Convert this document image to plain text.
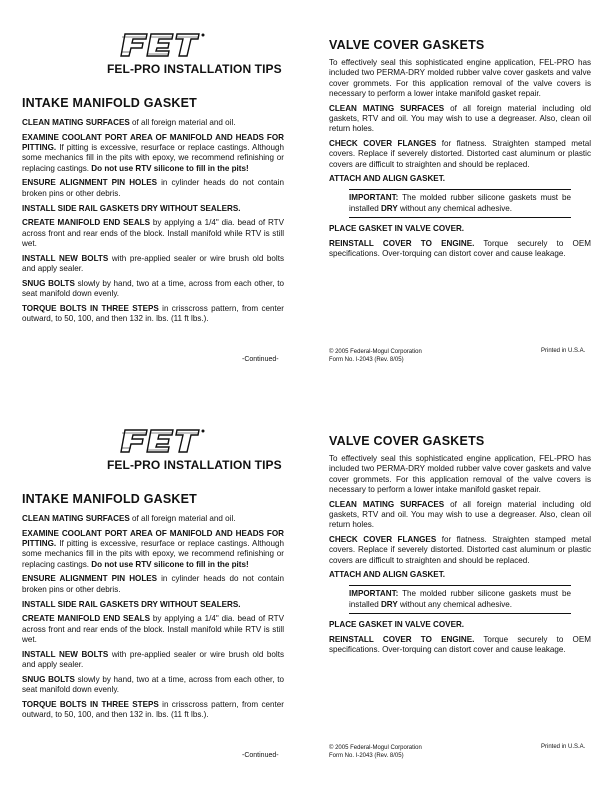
FEL-PRO INSTALLATION TIPS
INTAKE MANIFOLD GASKET

CLEAN MATING SURFACES of all foreign material and oil.

EXAMINE COOLANT PORT AREA OF MANIFOLD AND HEADS FOR PITTING. If pitting is excessive, resurface or replace castings. Although some mechanics fill in the pits with epoxy, we recommend refinishing or replacing castings. Do not use RTV silicone to fill in the pits!

ENSURE ALIGNMENT PIN HOLES in cylinder heads do not contain broken pins or other debris.

INSTALL SIDE RAIL GASKETS DRY WITHOUT SEALERS.

CREATE MANIFOLD END SEALS by applying a 1/4" dia. bead of RTV across front and rear ends of the block. Install manifold while RTV is still wet.

INSTALL NEW BOLTS with pre-applied sealer or wire brush old bolts and apply sealer.

SNUG BOLTS slowly by hand, two at a time, across from each other, to seat manifold down evenly.

TORQUE BOLTS IN THREE STEPS in crisscross pattern, from center outward, to 50, 100, and then 132 in. lbs. (11 ft lbs.).

-Continued-
VALVE COVER GASKETS

To effectively seal this sophisticated engine application, FEL-PRO has included two PERMA-DRY molded rubber valve cover gaskets and valve cover grommets. For this application removal of the valve covers is necessary to perform a lower intake manifold gasket repair.

CLEAN MATING SURFACES of all foreign material including old gaskets, RTV and oil. You may wish to use a degreaser. Also, clean oil return holes.

CHECK COVER FLANGES for flatness. Straighten stamped metal covers. Replace if severely distorted. Distorted cast aluminum or plastic covers are difficult to straighten and should be replaced.

ATTACH AND ALIGN GASKET.

IMPORTANT: The molded rubber silicone gaskets must be installed DRY without any chemical adhesive.

PLACE GASKET IN VALVE COVER.

REINSTALL COVER TO ENGINE. Torque securely to OEM specifications. Over-torquing can distort cover and cause leakage.

© 2005 Federal-Mogul Corporation
Form No. I-2043 (Rev. 8/05)
Printed in U.S.A.
FEL-PRO INSTALLATION TIPS
INTAKE MANIFOLD GASKET

CLEAN MATING SURFACES of all foreign material and oil.

EXAMINE COOLANT PORT AREA OF MANIFOLD AND HEADS FOR PITTING. If pitting is excessive, resurface or replace castings. Although some mechanics fill in the pits with epoxy, we recommend refinishing or replacing castings. Do not use RTV silicone to fill in the pits!

ENSURE ALIGNMENT PIN HOLES in cylinder heads do not contain broken pins or other debris.

INSTALL SIDE RAIL GASKETS DRY WITHOUT SEALERS.

CREATE MANIFOLD END SEALS by applying a 1/4" dia. bead of RTV across front and rear ends of the block. Install manifold while RTV is still wet.

INSTALL NEW BOLTS with pre-applied sealer or wire brush old bolts and apply sealer.

SNUG BOLTS slowly by hand, two at a time, across from each other, to seat manifold down evenly.

TORQUE BOLTS IN THREE STEPS in crisscross pattern, from center outward, to 50, 100, and then 132 in. lbs. (11 ft lbs.).

-Continued-
VALVE COVER GASKETS

To effectively seal this sophisticated engine application, FEL-PRO has included two PERMA-DRY molded rubber valve cover gaskets and valve cover grommets. For this application removal of the valve covers is necessary to perform a lower intake manifold gasket repair.

CLEAN MATING SURFACES of all foreign material including old gaskets, RTV and oil. You may wish to use a degreaser. Also, clean oil return holes.

CHECK COVER FLANGES for flatness. Straighten stamped metal covers. Replace if severely distorted. Distorted cast aluminum or plastic covers are difficult to straighten and should be replaced.

ATTACH AND ALIGN GASKET.

IMPORTANT: The molded rubber silicone gaskets must be installed DRY without any chemical adhesive.

PLACE GASKET IN VALVE COVER.

REINSTALL COVER TO ENGINE. Torque securely to OEM specifications. Over-torquing can distort cover and cause leakage.

© 2005 Federal-Mogul Corporation
Form No. I-2043 (Rev. 8/05)
Printed in U.S.A.
